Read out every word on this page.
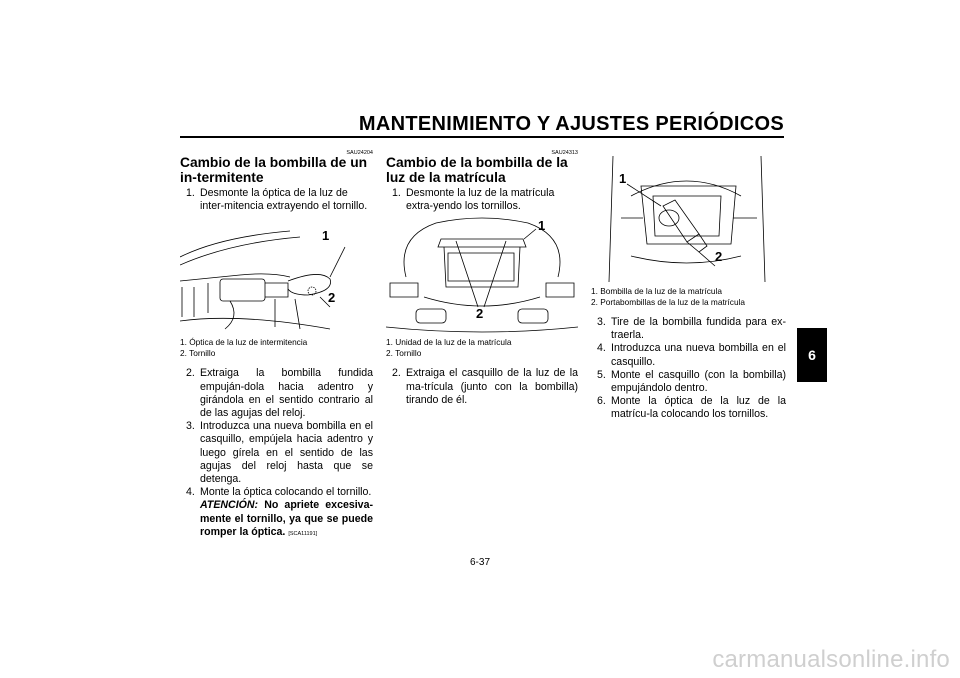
MANTENIMIENTO Y AJUSTES PERIÓDICOS
6
SAU24204
Cambio de la bombilla de un in-termitente
1. Desmonte la óptica de la luz de inter-mitencia extrayendo el tornillo.
1
2
1. Óptica de la luz de intermitencia
2. Tornillo
2. Extraiga la bombilla fundida empuján-dola hacia adentro y girándola en el sentido contrario al de las agujas del reloj.
3. Introduzca una nueva bombilla en el casquillo, empújela hacia adentro y luego gírela en el sentido de las agujas del reloj hasta que se detenga.
4. Monte la óptica colocando el tornillo.
ATENCIÓN: No apriete excesiva-mente el tornillo, ya que se puede romper la óptica. [SCA11191]
SAU24313
Cambio de la bombilla de la luz de la matrícula
1. Desmonte la luz de la matrícula extra-yendo los tornillos.
1
2
1. Unidad de la luz de la matrícula
2. Tornillo
2. Extraiga el casquillo de la luz de la ma-trícula (junto con la bombilla) tirando de él.
1
2
1. Bombilla de la luz de la matrícula
2. Portabombillas de la luz de la matrícula
3. Tire de la bombilla fundida para ex-traerla.
4. Introduzca una nueva bombilla en el casquillo.
5. Monte el casquillo (con la bombilla) empujándolo dentro.
6. Monte la óptica de la luz de la matrícu-la colocando los tornillos.
6-37
carmanualsonline.info
